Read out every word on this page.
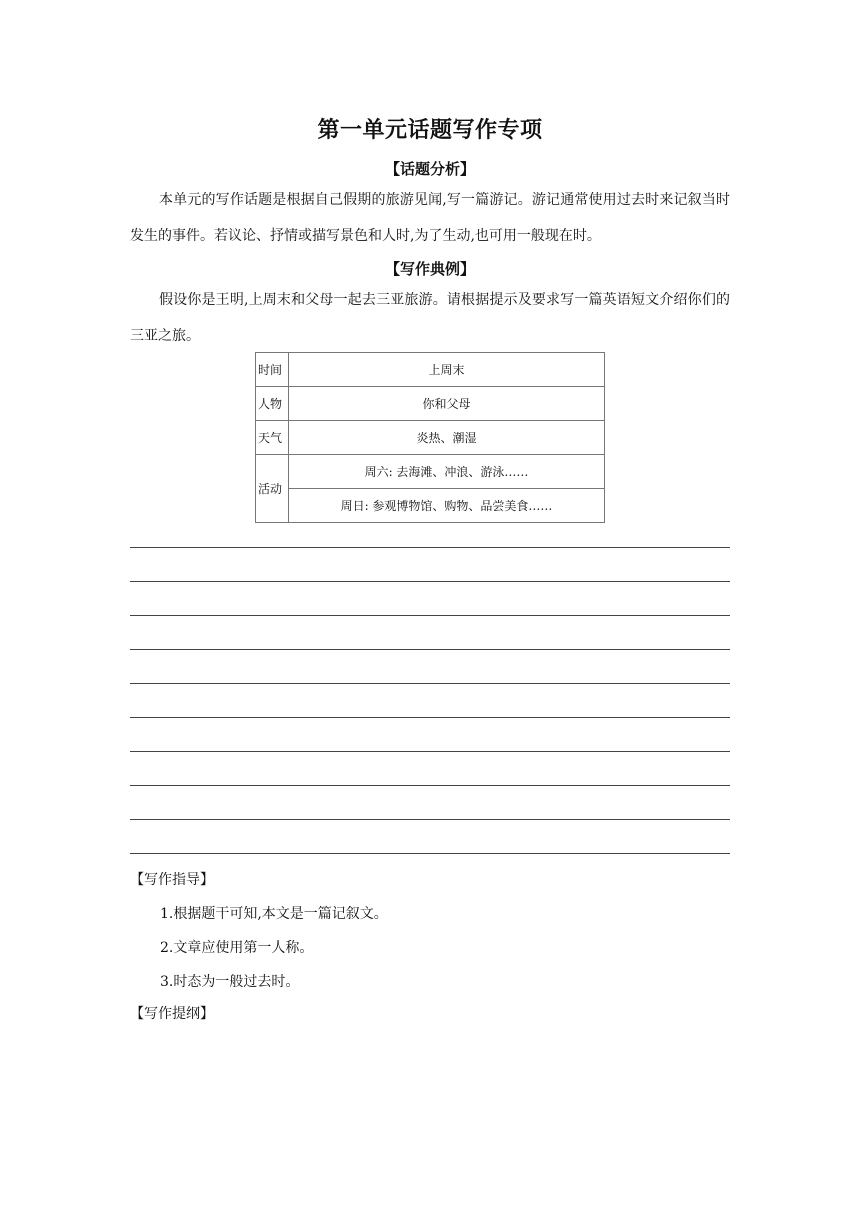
第一单元话题写作专项
【话题分析】
本单元的写作话题是根据自己假期的旅游见闻,写一篇游记。游记通常使用过去时来记叙当时发生的事件。若议论、抒情或描写景色和人时,为了生动,也可用一般现在时。
【写作典例】
假设你是王明,上周末和父母一起去三亚旅游。请根据提示及要求写一篇英语短文介绍你们的三亚之旅。
时间	上周末
人物	你和父母
天气	炎热、潮湿
活动	周六: 去海滩、冲浪、游泳……
	周日: 参观博物馆、购物、品尝美食……
【写作指导】
1.根据题干可知,本文是一篇记叙文。
2.文章应使用第一人称。
3.时态为一般过去时。
【写作提纲】
